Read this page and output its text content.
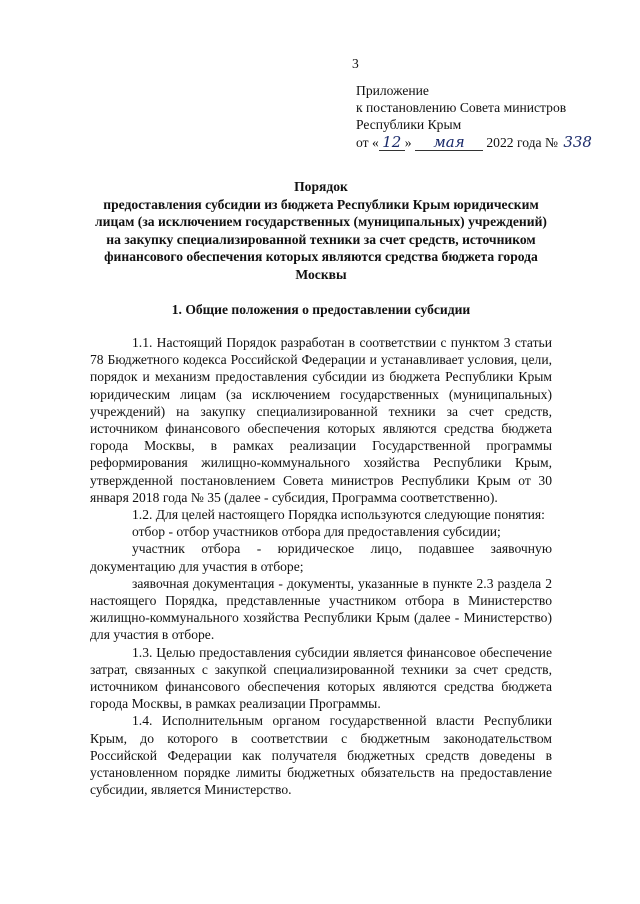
3
Приложение
к постановлению Совета министров
Республики Крым
от « 12 » мая 2022 года № 338
Порядок
предоставления субсидии из бюджета Республики Крым юридическим лицам (за исключением государственных (муниципальных) учреждений) на закупку специализированной техники за счет средств, источником финансового обеспечения которых являются средства бюджета города Москвы
1. Общие положения о предоставлении субсидии

1.1. Настоящий Порядок разработан в соответствии с пунктом 3 статьи 78 Бюджетного кодекса Российской Федерации и устанавливает условия, цели, порядок и механизм предоставления субсидии из бюджета Республики Крым юридическим лицам (за исключением государственных (муниципальных) учреждений) на закупку специализированной техники за счет средств, источником финансового обеспечения которых являются средства бюджета города Москвы, в рамках реализации Государственной программы реформирования жилищно-коммунального хозяйства Республики Крым, утвержденной постановлением Совета министров Республики Крым от 30 января 2018 года № 35 (далее - субсидия, Программа соответственно).

1.2. Для целей настоящего Порядка используются следующие понятия:

отбор - отбор участников отбора для предоставления субсидии;

участник отбора - юридическое лицо, подавшее заявочную документацию для участия в отборе;

заявочная документация - документы, указанные в пункте 2.3 раздела 2 настоящего Порядка, представленные участником отбора в Министерство жилищно-коммунального хозяйства Республики Крым (далее - Министерство) для участия в отборе.

1.3. Целью предоставления субсидии является финансовое обеспечение затрат, связанных с закупкой специализированной техники за счет средств, источником финансового обеспечения которых являются средства бюджета города Москвы, в рамках реализации Программы.

1.4. Исполнительным органом государственной власти Республики Крым, до которого в соответствии с бюджетным законодательством Российской Федерации как получателя бюджетных средств доведены в установленном порядке лимиты бюджетных обязательств на предоставление субсидии, является Министерство.
